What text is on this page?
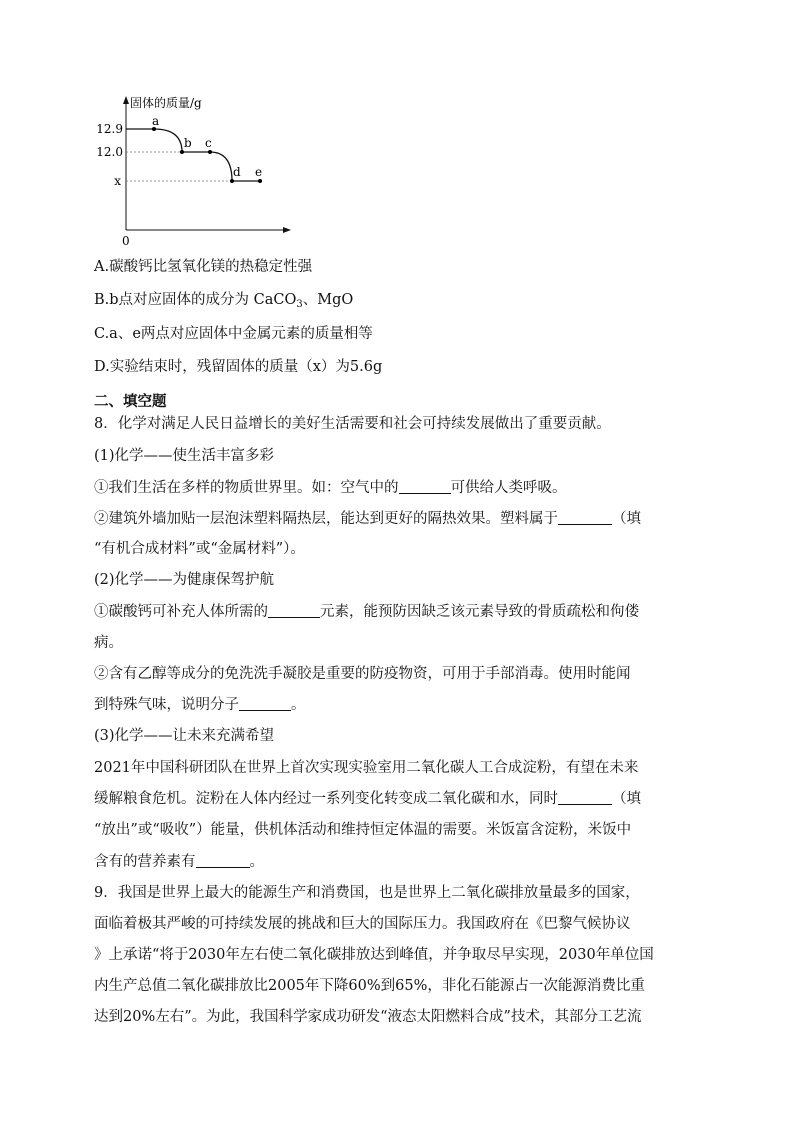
固体的质量/g
0
12.9
12.0
x
a
b c
d e
A.碳酸钙比氢氧化镁的热稳定性强
B.b点对应固体的成分为 CaCO$_3$、MgO
C.a、e两点对应固体中金属元素的质量相等
D.实验结束时，残留固体的质量（x）为5.6g
二、填空题
8．化学对满足人民日益增长的美好生活需要和社会可持续发展做出了重要贡献。
(1)化学——使生活丰富多彩
①我们生活在多样的物质世界里。如：空气中的	可供给人类呼吸。
②建筑外墙加贴一层泡沫塑料隔热层，能达到更好的隔热效果。塑料属于	（填
“有机合成材料”或“金属材料”）。
(2)化学——为健康保驾护航
①碳酸钙可补充人体所需的	元素，能预防因缺乏该元素导致的骨质疏松和佝偻
病。
②含有乙醇等成分的免洗洗手凝胶是重要的防疫物资，可用于手部消毒。使用时能闻
到特殊气味，说明分子	。
(3)化学——让未来充满希望
2021年中国科研团队在世界上首次实现实验室用二氧化碳人工合成淀粉，有望在未来
缓解粮食危机。淀粉在人体内经过一系列变化转变成二氧化碳和水，同时	（填
“放出”或“吸收”）能量，供机体活动和维持恒定体温的需要。米饭富含淀粉，米饭中
含有的营养素有	。
9．我国是世界上最大的能源生产和消费国，也是世界上二氧化碳排放量最多的国家，
面临着极其严峻的可持续发展的挑战和巨大的国际压力。我国政府在《巴黎气候协议
》上承诺“将于2030年左右使二氧化碳排放达到峰值，并争取尽早实现，2030年单位国
内生产总值二氧化碳排放比2005年下降60%到65%，非化石能源占一次能源消费比重
达到20%左右”。为此，我国科学家成功研发“液态太阳燃料合成”技术，其部分工艺流
